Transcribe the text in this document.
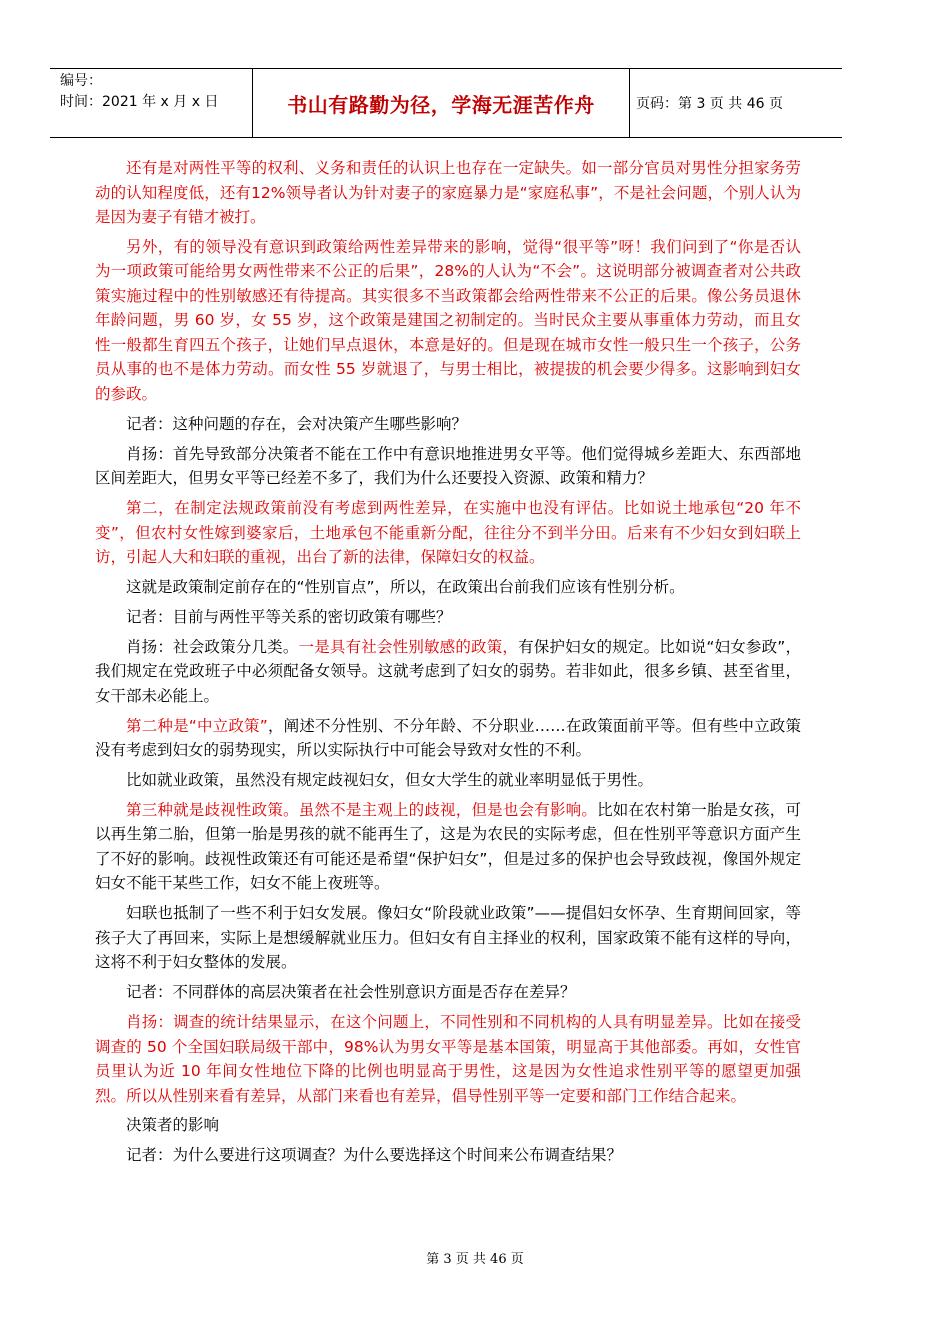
编号：
时间：2021 年 x 月 x 日	书山有路勤为径，学海无涯苦作舟	页码：第 3 页 共 46 页

还有是对两性平等的权利、义务和责任的认识上也存在一定缺失。如一部分官员对男性分担家务劳动的认知程度低，还有12%领导者认为针对妻子的家庭暴力是“家庭私事”，不是社会问题，个别人认为是因为妻子有错才被打。

另外，有的领导没有意识到政策给两性差异带来的影响，觉得“很平等”呀！我们问到了“你是否认为一项政策可能给男女两性带来不公正的后果”，28%的人认为“不会”。这说明部分被调查者对公共政策实施过程中的性别敏感还有待提高。其实很多不当政策都会给两性带来不公正的后果。像公务员退休年龄问题，男 60 岁，女 55 岁，这个政策是建国之初制定的。当时民众主要从事重体力劳动，而且女性一般都生育四五个孩子，让她们早点退休，本意是好的。但是现在城市女性一般只生一个孩子，公务员从事的也不是体力劳动。而女性 55 岁就退了，与男士相比，被提拔的机会要少得多。这影响到妇女的参政。

记者：这种问题的存在，会对决策产生哪些影响？

肖扬：首先导致部分决策者不能在工作中有意识地推进男女平等。他们觉得城乡差距大、东西部地区间差距大，但男女平等已经差不多了，我们为什么还要投入资源、政策和精力？

第二，在制定法规政策前没有考虑到两性差异，在实施中也没有评估。比如说土地承包“20 年不变”，但农村女性嫁到婆家后，土地承包不能重新分配，往往分不到半分田。后来有不少妇女到妇联上访，引起人大和妇联的重视，出台了新的法律，保障妇女的权益。

这就是政策制定前存在的“性别盲点”，所以，在政策出台前我们应该有性别分析。

记者：目前与两性平等关系的密切政策有哪些？

肖扬：社会政策分几类。一是具有社会性别敏感的政策，有保护妇女的规定。比如说“妇女参政”，我们规定在党政班子中必须配备女领导。这就考虑到了妇女的弱势。若非如此，很多乡镇、甚至省里，女干部未必能上。

第二种是“中立政策”，阐述不分性别、不分年龄、不分职业……在政策面前平等。但有些中立政策没有考虑到妇女的弱势现实，所以实际执行中可能会导致对女性的不利。

比如就业政策，虽然没有规定歧视妇女，但女大学生的就业率明显低于男性。

第三种就是歧视性政策。虽然不是主观上的歧视，但是也会有影响。比如在农村第一胎是女孩，可以再生第二胎，但第一胎是男孩的就不能再生了，这是为农民的实际考虑，但在性别平等意识方面产生了不好的影响。歧视性政策还有可能还是希望“保护妇女”，但是过多的保护也会导致歧视，像国外规定妇女不能干某些工作，妇女不能上夜班等。

妇联也抵制了一些不利于妇女发展。像妇女“阶段就业政策”——提倡妇女怀孕、生育期间回家，等孩子大了再回来，实际上是想缓解就业压力。但妇女有自主择业的权利，国家政策不能有这样的导向，这将不利于妇女整体的发展。

记者：不同群体的高层决策者在社会性别意识方面是否存在差异？

肖扬：调查的统计结果显示，在这个问题上，不同性别和不同机构的人具有明显差异。比如在接受调查的 50 个全国妇联局级干部中，98%认为男女平等是基本国策，明显高于其他部委。再如，女性官员里认为近 10 年间女性地位下降的比例也明显高于男性，这是因为女性追求性别平等的愿望更加强烈。所以从性别来看有差异，从部门来看也有差异，倡导性别平等一定要和部门工作结合起来。

决策者的影响

记者：为什么要进行这项调查？为什么要选择这个时间来公布调查结果？

第 3 页 共 46 页
